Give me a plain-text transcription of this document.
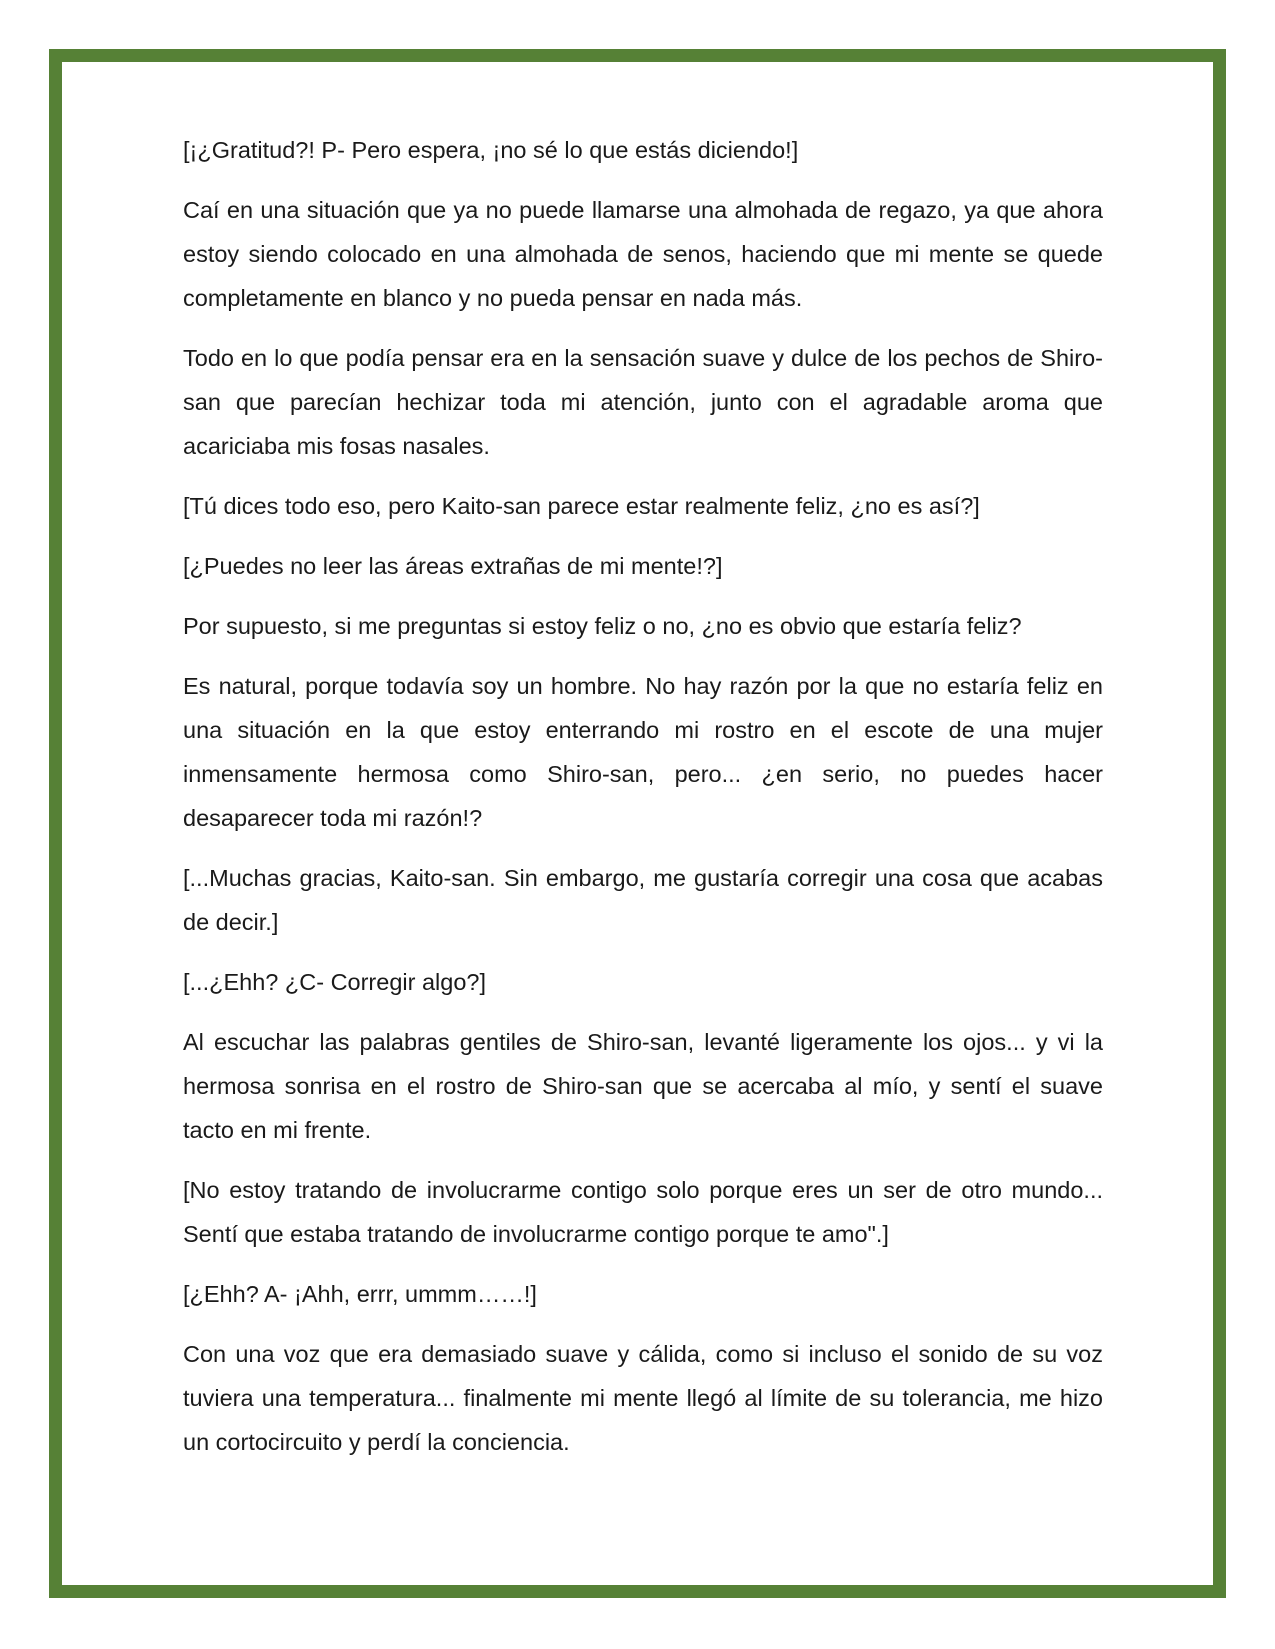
[¡¿Gratitud?! P- Pero espera, ¡no sé lo que estás diciendo!]

Caí en una situación que ya no puede llamarse una almohada de regazo, ya que ahora estoy siendo colocado en una almohada de senos, haciendo que mi mente se quede completamente en blanco y no pueda pensar en nada más.

Todo en lo que podía pensar era en la sensación suave y dulce de los pechos de Shiro-san que parecían hechizar toda mi atención, junto con el agradable aroma que acariciaba mis fosas nasales.

[Tú dices todo eso, pero Kaito-san parece estar realmente feliz, ¿no es así?]

[¿Puedes no leer las áreas extrañas de mi mente!?]

Por supuesto, si me preguntas si estoy feliz o no, ¿no es obvio que estaría feliz?

Es natural, porque todavía soy un hombre. No hay razón por la que no estaría feliz en una situación en la que estoy enterrando mi rostro en el escote de una mujer inmensamente hermosa como Shiro-san, pero... ¿en serio, no puedes hacer desaparecer toda mi razón!?

[...Muchas gracias, Kaito-san. Sin embargo, me gustaría corregir una cosa que acabas de decir.]

[...¿Ehh? ¿C- Corregir algo?]

Al escuchar las palabras gentiles de Shiro-san, levanté ligeramente los ojos... y vi la hermosa sonrisa en el rostro de Shiro-san que se acercaba al mío, y sentí el suave tacto en mi frente.

[No estoy tratando de involucrarme contigo solo porque eres un ser de otro mundo... Sentí que estaba tratando de involucrarme contigo porque te amo".]

[¿Ehh? A- ¡Ahh, errr, ummm……!]

Con una voz que era demasiado suave y cálida, como si incluso el sonido de su voz tuviera una temperatura... finalmente mi mente llegó al límite de su tolerancia, me hizo un cortocircuito y perdí la conciencia.
